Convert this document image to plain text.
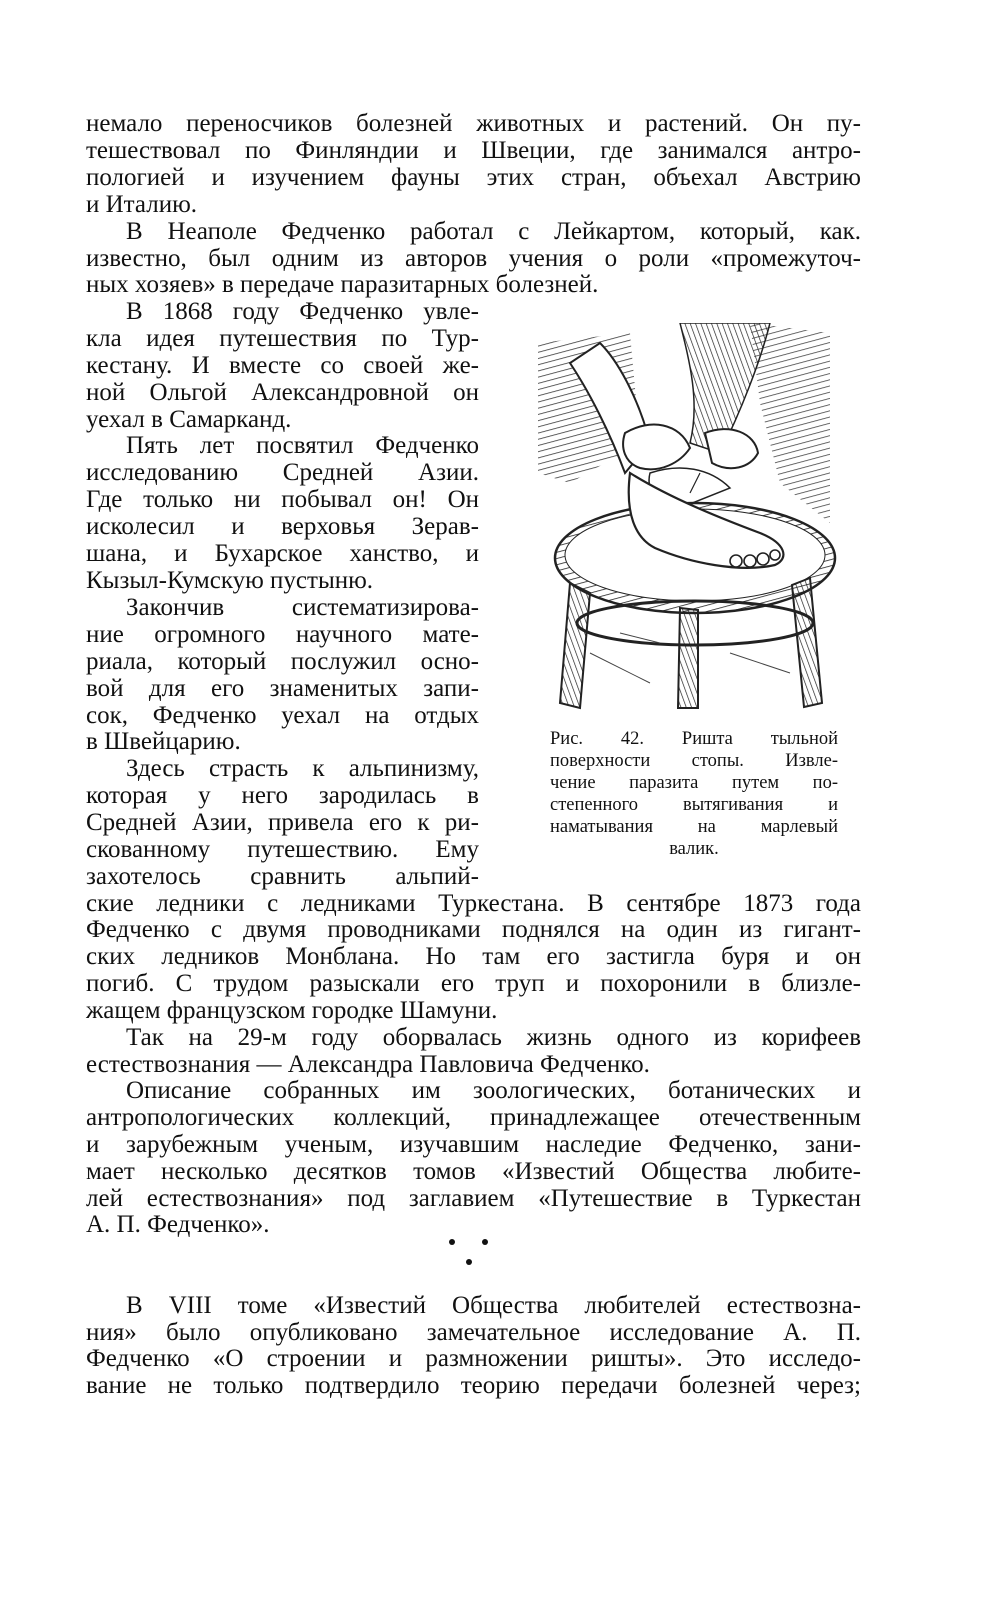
немало переносчиков болезней животных и растений. Он пу-
тешествовал по Финляндии и Швеции, где занимался антро-
пологией и изучением фауны этих стран, объехал Австрию
и Италию.
В Неаполе Федченко работал с Лейкартом, который, как.
известно, был одним из авторов учения о роли «промежуточ-
ных хозяев» в передаче паразитарных болезней.
В 1868 году Федченко увле-
кла идея путешествия по Тур-
кестану. И вместе со своей же-
ной Ольгой Александровной он
уехал в Самарканд.
Пять лет посвятил Федченко
исследованию Средней Азии.
Где только ни побывал он! Он
исколесил и верховья Зерав-
шана, и Бухарское ханство, и
Кызыл-Кумскую пустыню.
Закончив систематизирова-
ние огромного научного мате-
риала, который послужил осно-
вой для его знаменитых запи-
сок, Федченко уехал на отдых
в Швейцарию.
Здесь страсть к альпинизму,
которая у него зародилась в
Средней Азии, привела его к ри-
скованному путешествию. Ему
захотелось сравнить альпий-
Рис. 42. Ришта тыльной
поверхности стопы. Извле-
чение паразита путем по-
степенного вытягивания и
наматывания на марлевый
валик.
ские ледники с ледниками Туркестана. В сентябре 1873 года
Федченко с двумя проводниками поднялся на один из гигант-
ских ледников Монблана. Но там его застигла буря и он
погиб. С трудом разыскали его труп и похоронили в близле-
жащем французском городке Шамуни.
Так на 29-м году оборвалась жизнь одного из корифеев
естествознания — Александра Павловича Федченко.
Описание собранных им зоологических, ботанических и
антропологических коллекций, принадлежащее отечественным
и зарубежным ученым, изучавшим наследие Федченко, зани-
мает несколько десятков томов «Известий Общества любите-
лей естествознания» под заглавием «Путешествие в Туркестан
А. П. Федченко».
В VIII томе «Известий Общества любителей естествозна-
ния» было опубликовано замечательное исследование А. П.
Федченко «О строении и размножении ришты». Это исследо-
вание не только подтвердило теорию передачи болезней через;
